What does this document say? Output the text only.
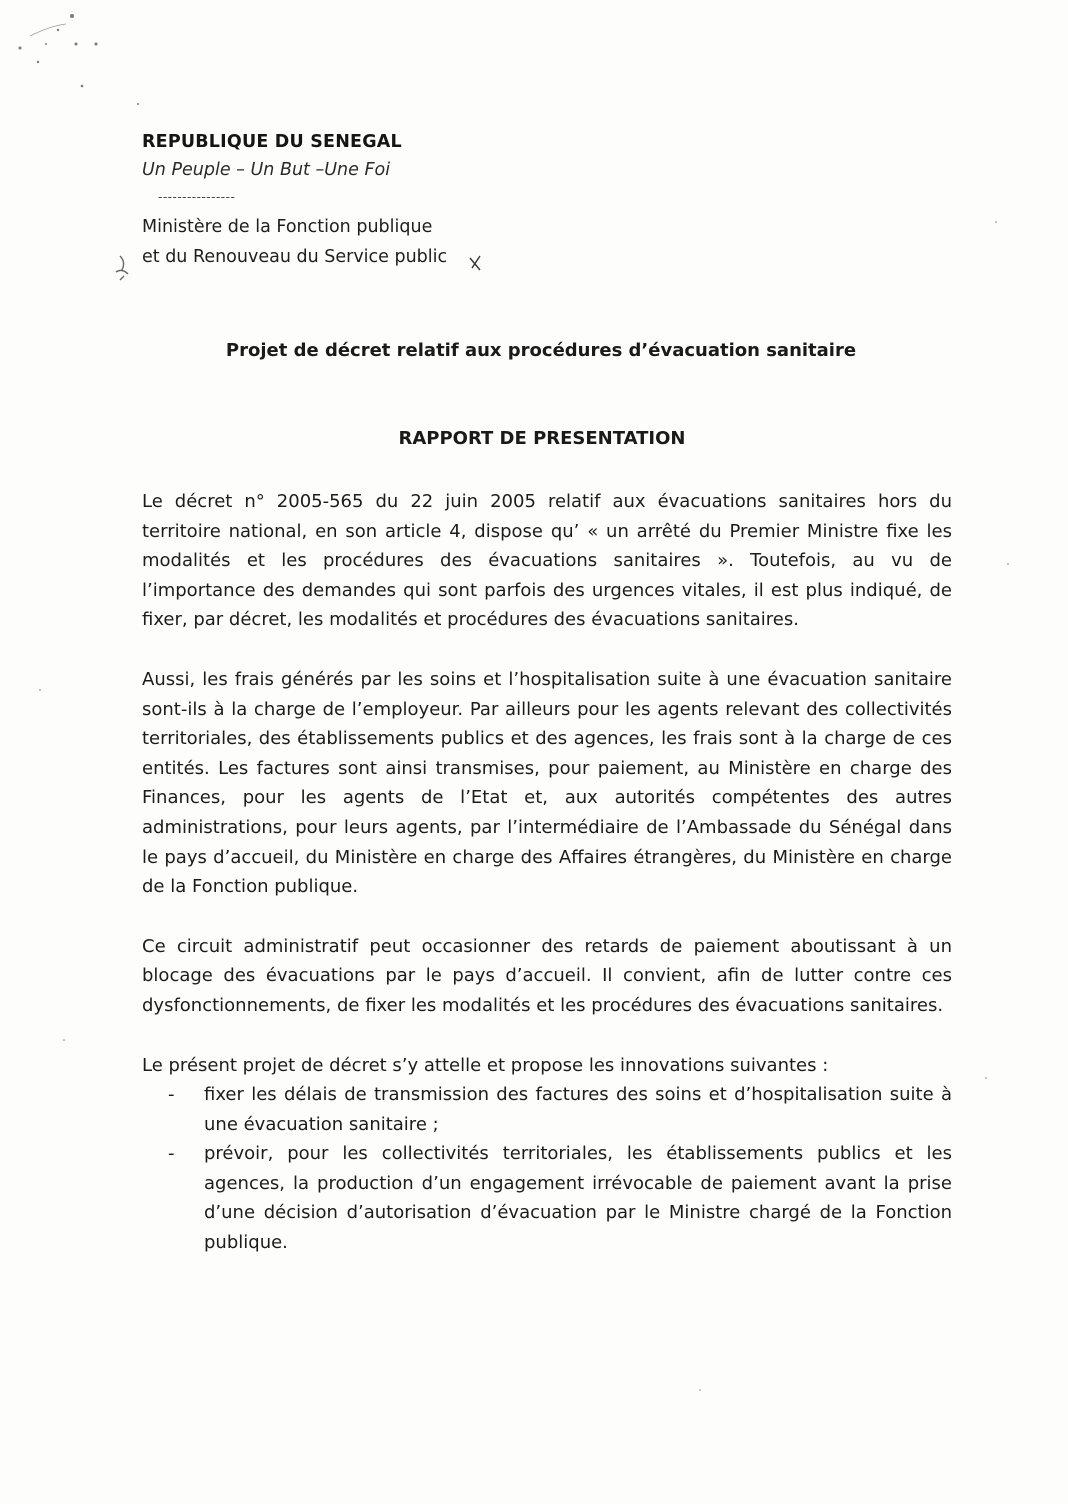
REPUBLIQUE DU SENEGAL
Un Peuple – Un But –Une Foi
----------------
Ministère de la Fonction publique
et du Renouveau du Service public
Projet de décret relatif aux procédures d’évacuation sanitaire
RAPPORT DE PRESENTATION

Le décret n° 2005-565 du 22 juin 2005 relatif aux évacuations sanitaires hors du territoire national, en son article 4, dispose qu’ « un arrêté du Premier Ministre fixe les modalités et les procédures des évacuations sanitaires ». Toutefois, au vu de l’importance des demandes qui sont parfois des urgences vitales, il est plus indiqué, de fixer, par décret, les modalités et procédures des évacuations sanitaires.

Aussi, les frais générés par les soins et l’hospitalisation suite à une évacuation sanitaire sont-ils à la charge de l’employeur. Par ailleurs pour les agents relevant des collectivités territoriales, des établissements publics et des agences, les frais sont à la charge de ces entités. Les factures sont ainsi transmises, pour paiement, au Ministère en charge des Finances, pour les agents de l’Etat et, aux autorités compétentes des autres administrations, pour leurs agents, par l’intermédiaire de l’Ambassade du Sénégal dans le pays d’accueil, du Ministère en charge des Affaires étrangères, du Ministère en charge de la Fonction publique.

Ce circuit administratif peut occasionner des retards de paiement aboutissant à un blocage des évacuations par le pays d’accueil. Il convient, afin de lutter contre ces dysfonctionnements, de fixer les modalités et les procédures des évacuations sanitaires.

Le présent projet de décret s’y attelle et propose les innovations suivantes :

- fixer les délais de transmission des factures des soins et d’hospitalisation suite à une évacuation sanitaire ;
- prévoir, pour les collectivités territoriales, les établissements publics et les agences, la production d’un engagement irrévocable de paiement avant la prise d’une décision d’autorisation d’évacuation par le Ministre chargé de la Fonction publique.
